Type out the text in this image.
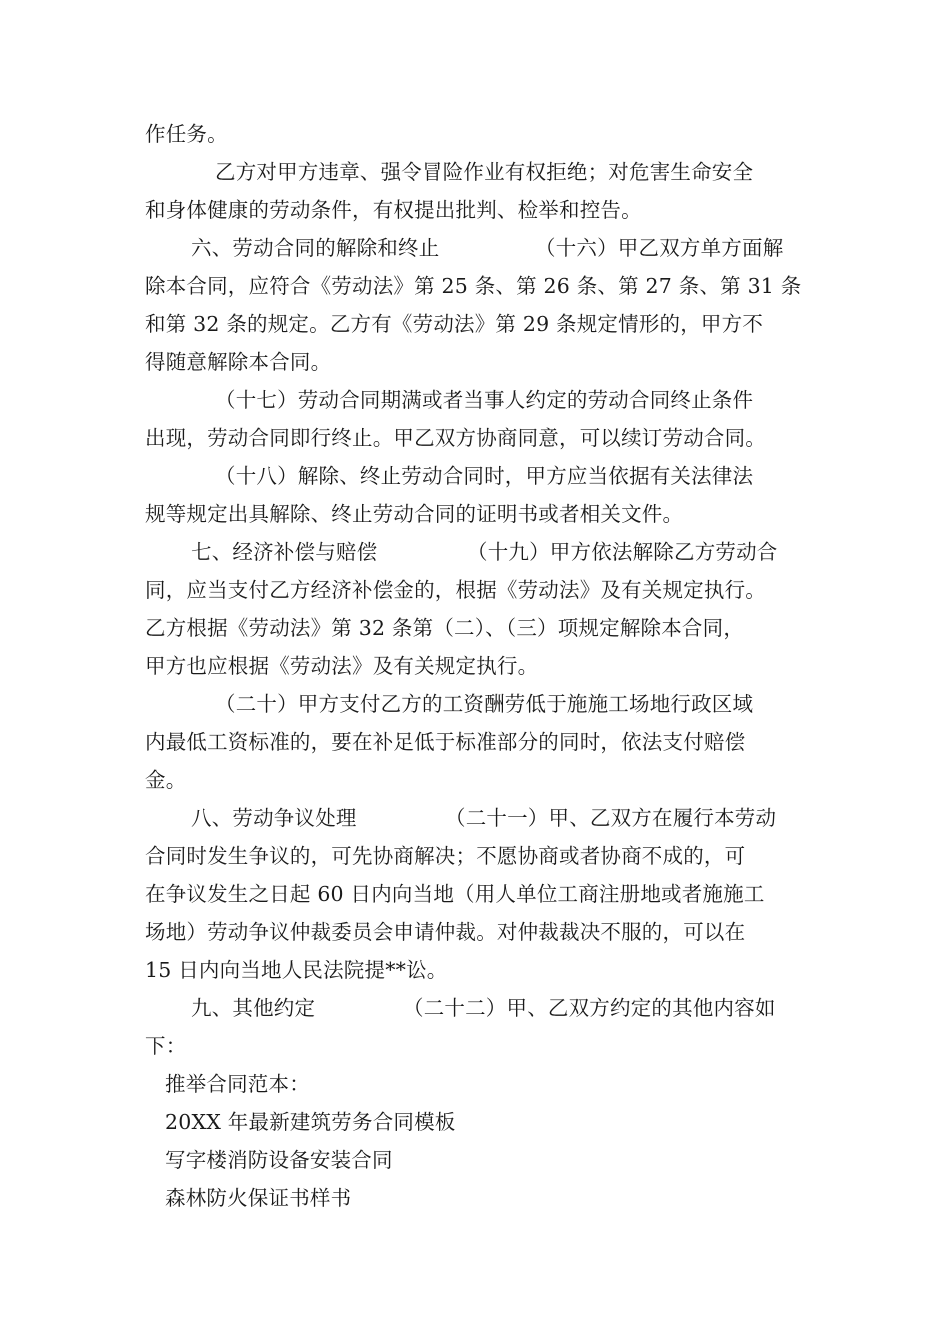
作任务。
乙方对甲方违章、强令冒险作业有权拒绝；对危害生命安全
和身体健康的劳动条件，有权提出批判、检举和控告。
六、劳动合同的解除和终止	（十六）甲乙双方单方面解
除本合同，应符合《劳动法》第 25 条、第 26 条、第 27 条、第 31 条
和第 32 条的规定。乙方有《劳动法》第 29 条规定情形的，甲方不
得随意解除本合同。
（十七）劳动合同期满或者当事人约定的劳动合同终止条件
出现，劳动合同即行终止。甲乙双方协商同意，可以续订劳动合同。
（十八）解除、终止劳动合同时，甲方应当依据有关法律法
规等规定出具解除、终止劳动合同的证明书或者相关文件。
七、经济补偿与赔偿	（十九）甲方依法解除乙方劳动合
同，应当支付乙方经济补偿金的，根据《劳动法》及有关规定执行。
乙方根据《劳动法》第 32 条第（二）、（三）项规定解除本合同，
甲方也应根据《劳动法》及有关规定执行。
（二十）甲方支付乙方的工资酬劳低于施施工场地行政区域
内最低工资标准的，要在补足低于标准部分的同时，依法支付赔偿
金。
八、劳动争议处理	（二十一）甲、乙双方在履行本劳动
合同时发生争议的，可先协商解决；不愿协商或者协商不成的，可
在争议发生之日起 60 日内向当地（用人单位工商注册地或者施施工
场地）劳动争议仲裁委员会申请仲裁。对仲裁裁决不服的，可以在
15 日内向当地人民法院提**讼。
九、其他约定	（二十二）甲、乙双方约定的其他内容如
下：
推举合同范本：
20XX 年最新建筑劳务合同模板
写字楼消防设备安装合同
森林防火保证书样书
